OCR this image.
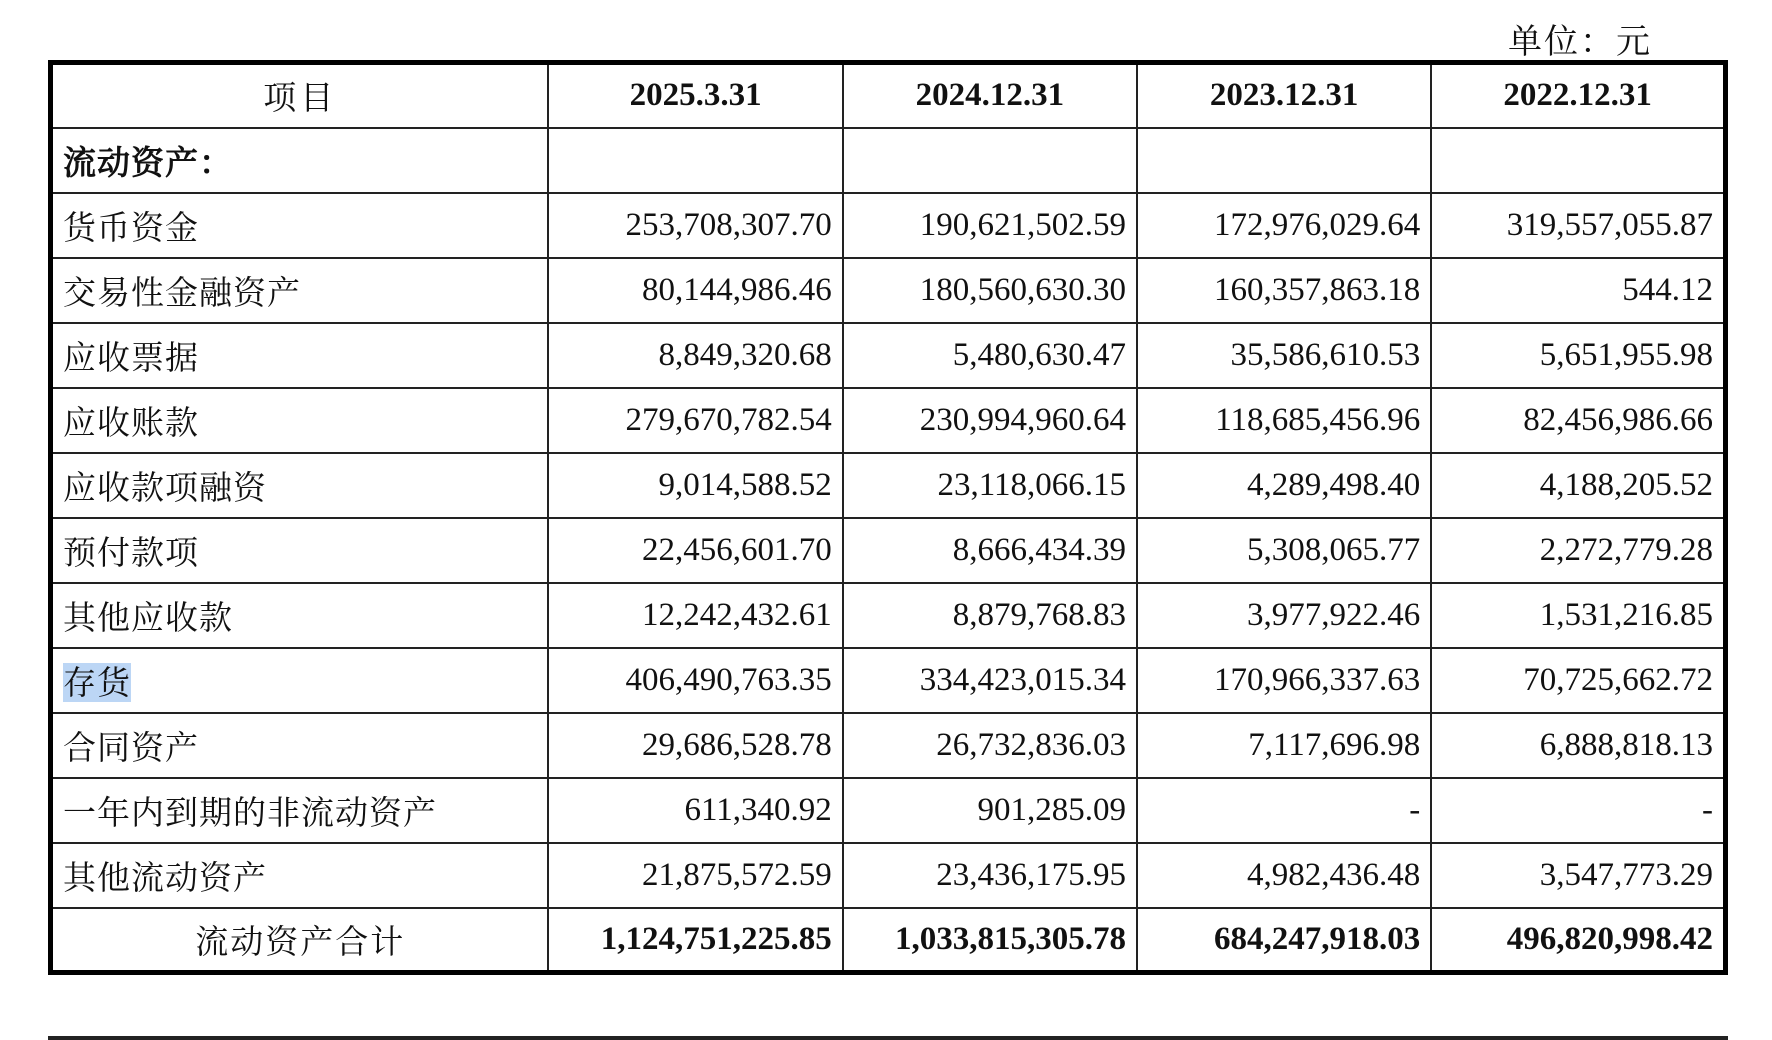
单位：元
项目	2025.3.31	2024.12.31	2023.12.31	2022.12.31
流动资产：				
货币资金	253,708,307.70	190,621,502.59	172,976,029.64	319,557,055.87
交易性金融资产	80,144,986.46	180,560,630.30	160,357,863.18	544.12
应收票据	8,849,320.68	5,480,630.47	35,586,610.53	5,651,955.98
应收账款	279,670,782.54	230,994,960.64	118,685,456.96	82,456,986.66
应收款项融资	9,014,588.52	23,118,066.15	4,289,498.40	4,188,205.52
预付款项	22,456,601.70	8,666,434.39	5,308,065.77	2,272,779.28
其他应收款	12,242,432.61	8,879,768.83	3,977,922.46	1,531,216.85
存货	406,490,763.35	334,423,015.34	170,966,337.63	70,725,662.72
合同资产	29,686,528.78	26,732,836.03	7,117,696.98	6,888,818.13
一年内到期的非流动资产	611,340.92	901,285.09	-	-
其他流动资产	21,875,572.59	23,436,175.95	4,982,436.48	3,547,773.29
流动资产合计	1,124,751,225.85	1,033,815,305.78	684,247,918.03	496,820,998.42
